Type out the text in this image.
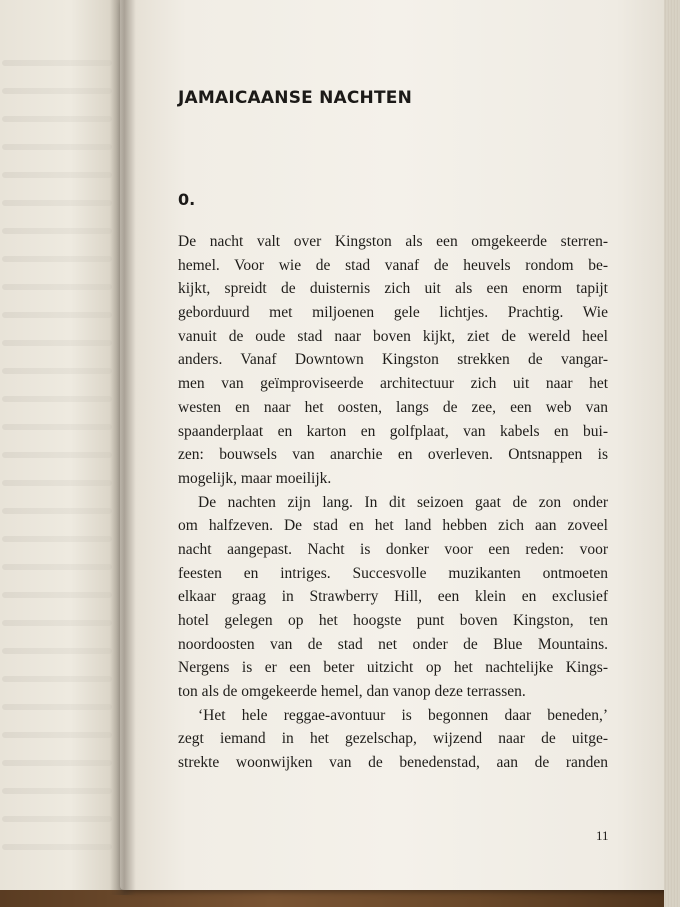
JAMAICAANSE NACHTEN
0.
De nacht valt over Kingston als een omgekeerde sterren-
hemel. Voor wie de stad vanaf de heuvels rondom be-
kijkt, spreidt de duisternis zich uit als een enorm tapijt
geborduurd met miljoenen gele lichtjes. Prachtig. Wie
vanuit de oude stad naar boven kijkt, ziet de wereld heel
anders. Vanaf Downtown Kingston strekken de vangar-
men van geïmproviseerde architectuur zich uit naar het
westen en naar het oosten, langs de zee, een web van
spaanderplaat en karton en golfplaat, van kabels en bui-
zen: bouwsels van anarchie en overleven. Ontsnappen is
mogelijk, maar moeilijk.
De nachten zijn lang. In dit seizoen gaat de zon onder
om halfzeven. De stad en het land hebben zich aan zoveel
nacht aangepast. Nacht is donker voor een reden: voor
feesten en intriges. Succesvolle muzikanten ontmoeten
elkaar graag in Strawberry Hill, een klein en exclusief
hotel gelegen op het hoogste punt boven Kingston, ten
noordoosten van de stad net onder de Blue Mountains.
Nergens is er een beter uitzicht op het nachtelijke Kings-
ton als de omgekeerde hemel, dan vanop deze terrassen.
‘Het hele reggae-avontuur is begonnen daar beneden,’
zegt iemand in het gezelschap, wijzend naar de uitge-
strekte woonwijken van de benedenstad, aan de randen
11
